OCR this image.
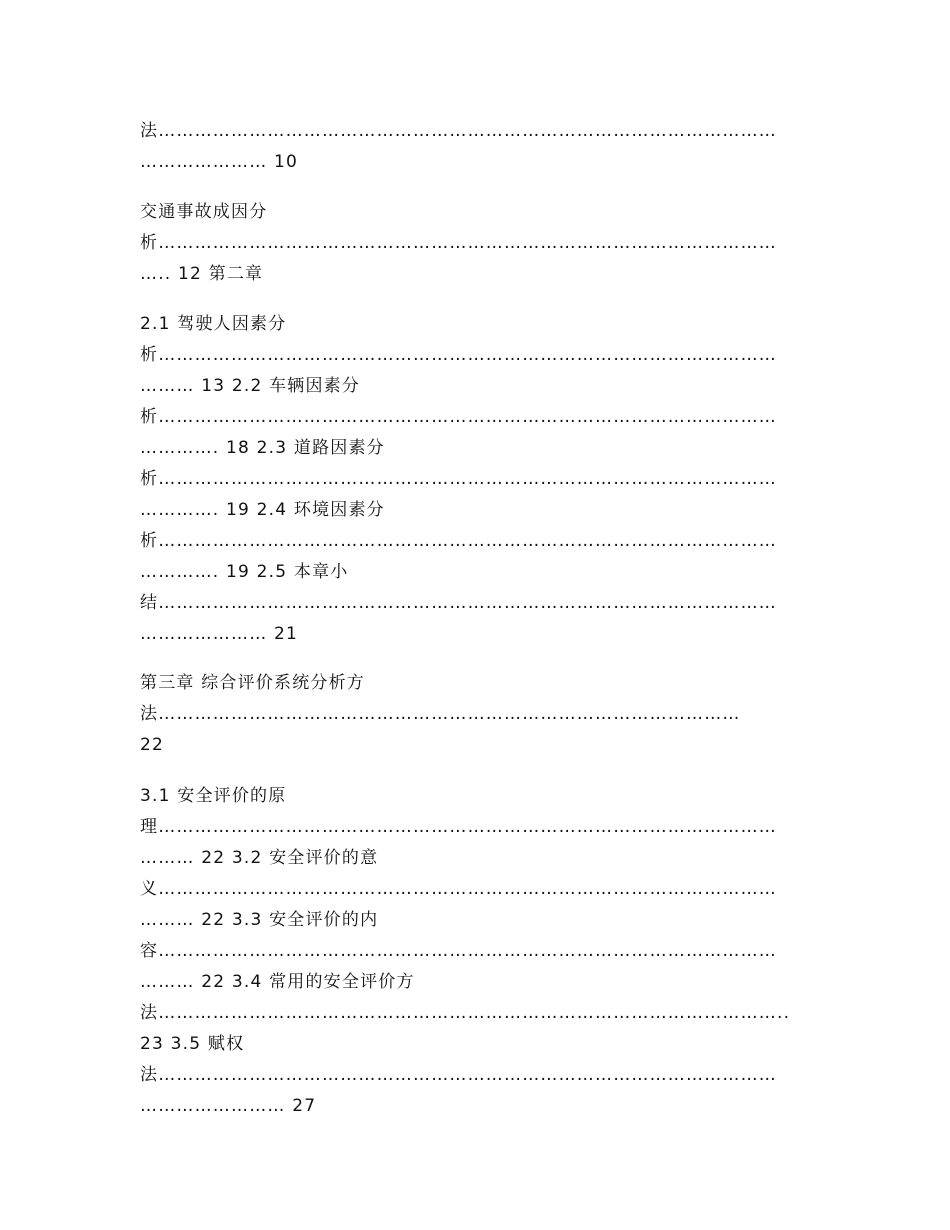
法…………………………………………………………………………………………
………………… 10
交通事故成因分
析…………………………………………………………………………………………
….. 12 第二章
2.1 驾驶人因素分
析…………………………………………………………………………………………
……… 13 2.2 车辆因素分
析…………………………………………………………………………………………
…………. 18 2.3 道路因素分
析…………………………………………………………………………………………
…………. 19 2.4 环境因素分
析…………………………………………………………………………………………
…………. 19 2.5 本章小
结…………………………………………………………………………………………
………………… 21
第三章 综合评价系统分析方
法……………………………………………………………………………………
22
3.1 安全评价的原
理…………………………………………………………………………………………
……… 22 3.2 安全评价的意
义…………………………………………………………………………………………
……… 22 3.3 安全评价的内
容…………………………………………………………………………………………
……… 22 3.4 常用的安全评价方
法…………………………………………………………………………………………..
23 3.5 赋权
法…………………………………………………………………………………………
…………………… 27
